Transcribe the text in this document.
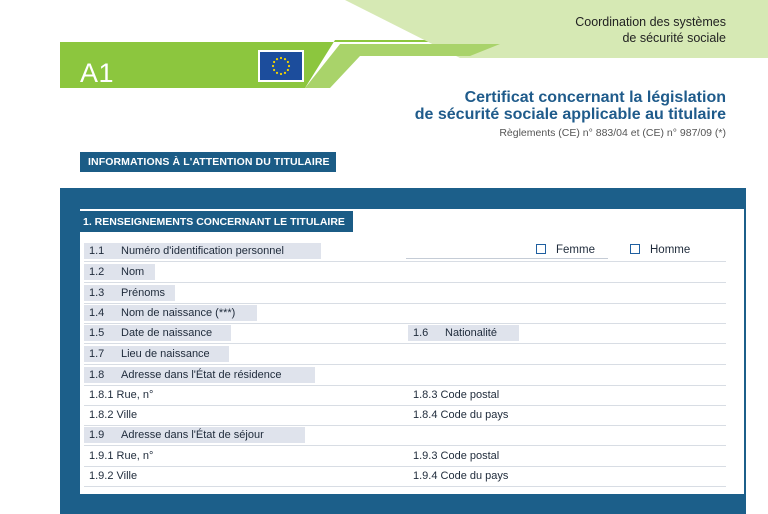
Coordination des systèmes
de sécurité sociale
A1
Certificat concernant la législation
de sécurité sociale applicable au titulaire
Règlements (CE) n° 883/04 et (CE) n° 987/09 (*)
INFORMATIONS À L'ATTENTION DU TITULAIRE
1. RENSEIGNEMENTS CONCERNANT LE TITULAIRE
1.1 Numéro d'identification personnel	Femme	Homme
1.2 Nom
1.3 Prénoms
1.4 Nom de naissance (***)
1.5 Date de naissance	1.6 Nationalité
1.7 Lieu de naissance
1.8 Adresse dans l'État de résidence
1.8.1 Rue, n°	1.8.3 Code postal
1.8.2 Ville	1.8.4 Code du pays
1.9 Adresse dans l'État de séjour
1.9.1 Rue, n°	1.9.3 Code postal
1.9.2 Ville	1.9.4 Code du pays
